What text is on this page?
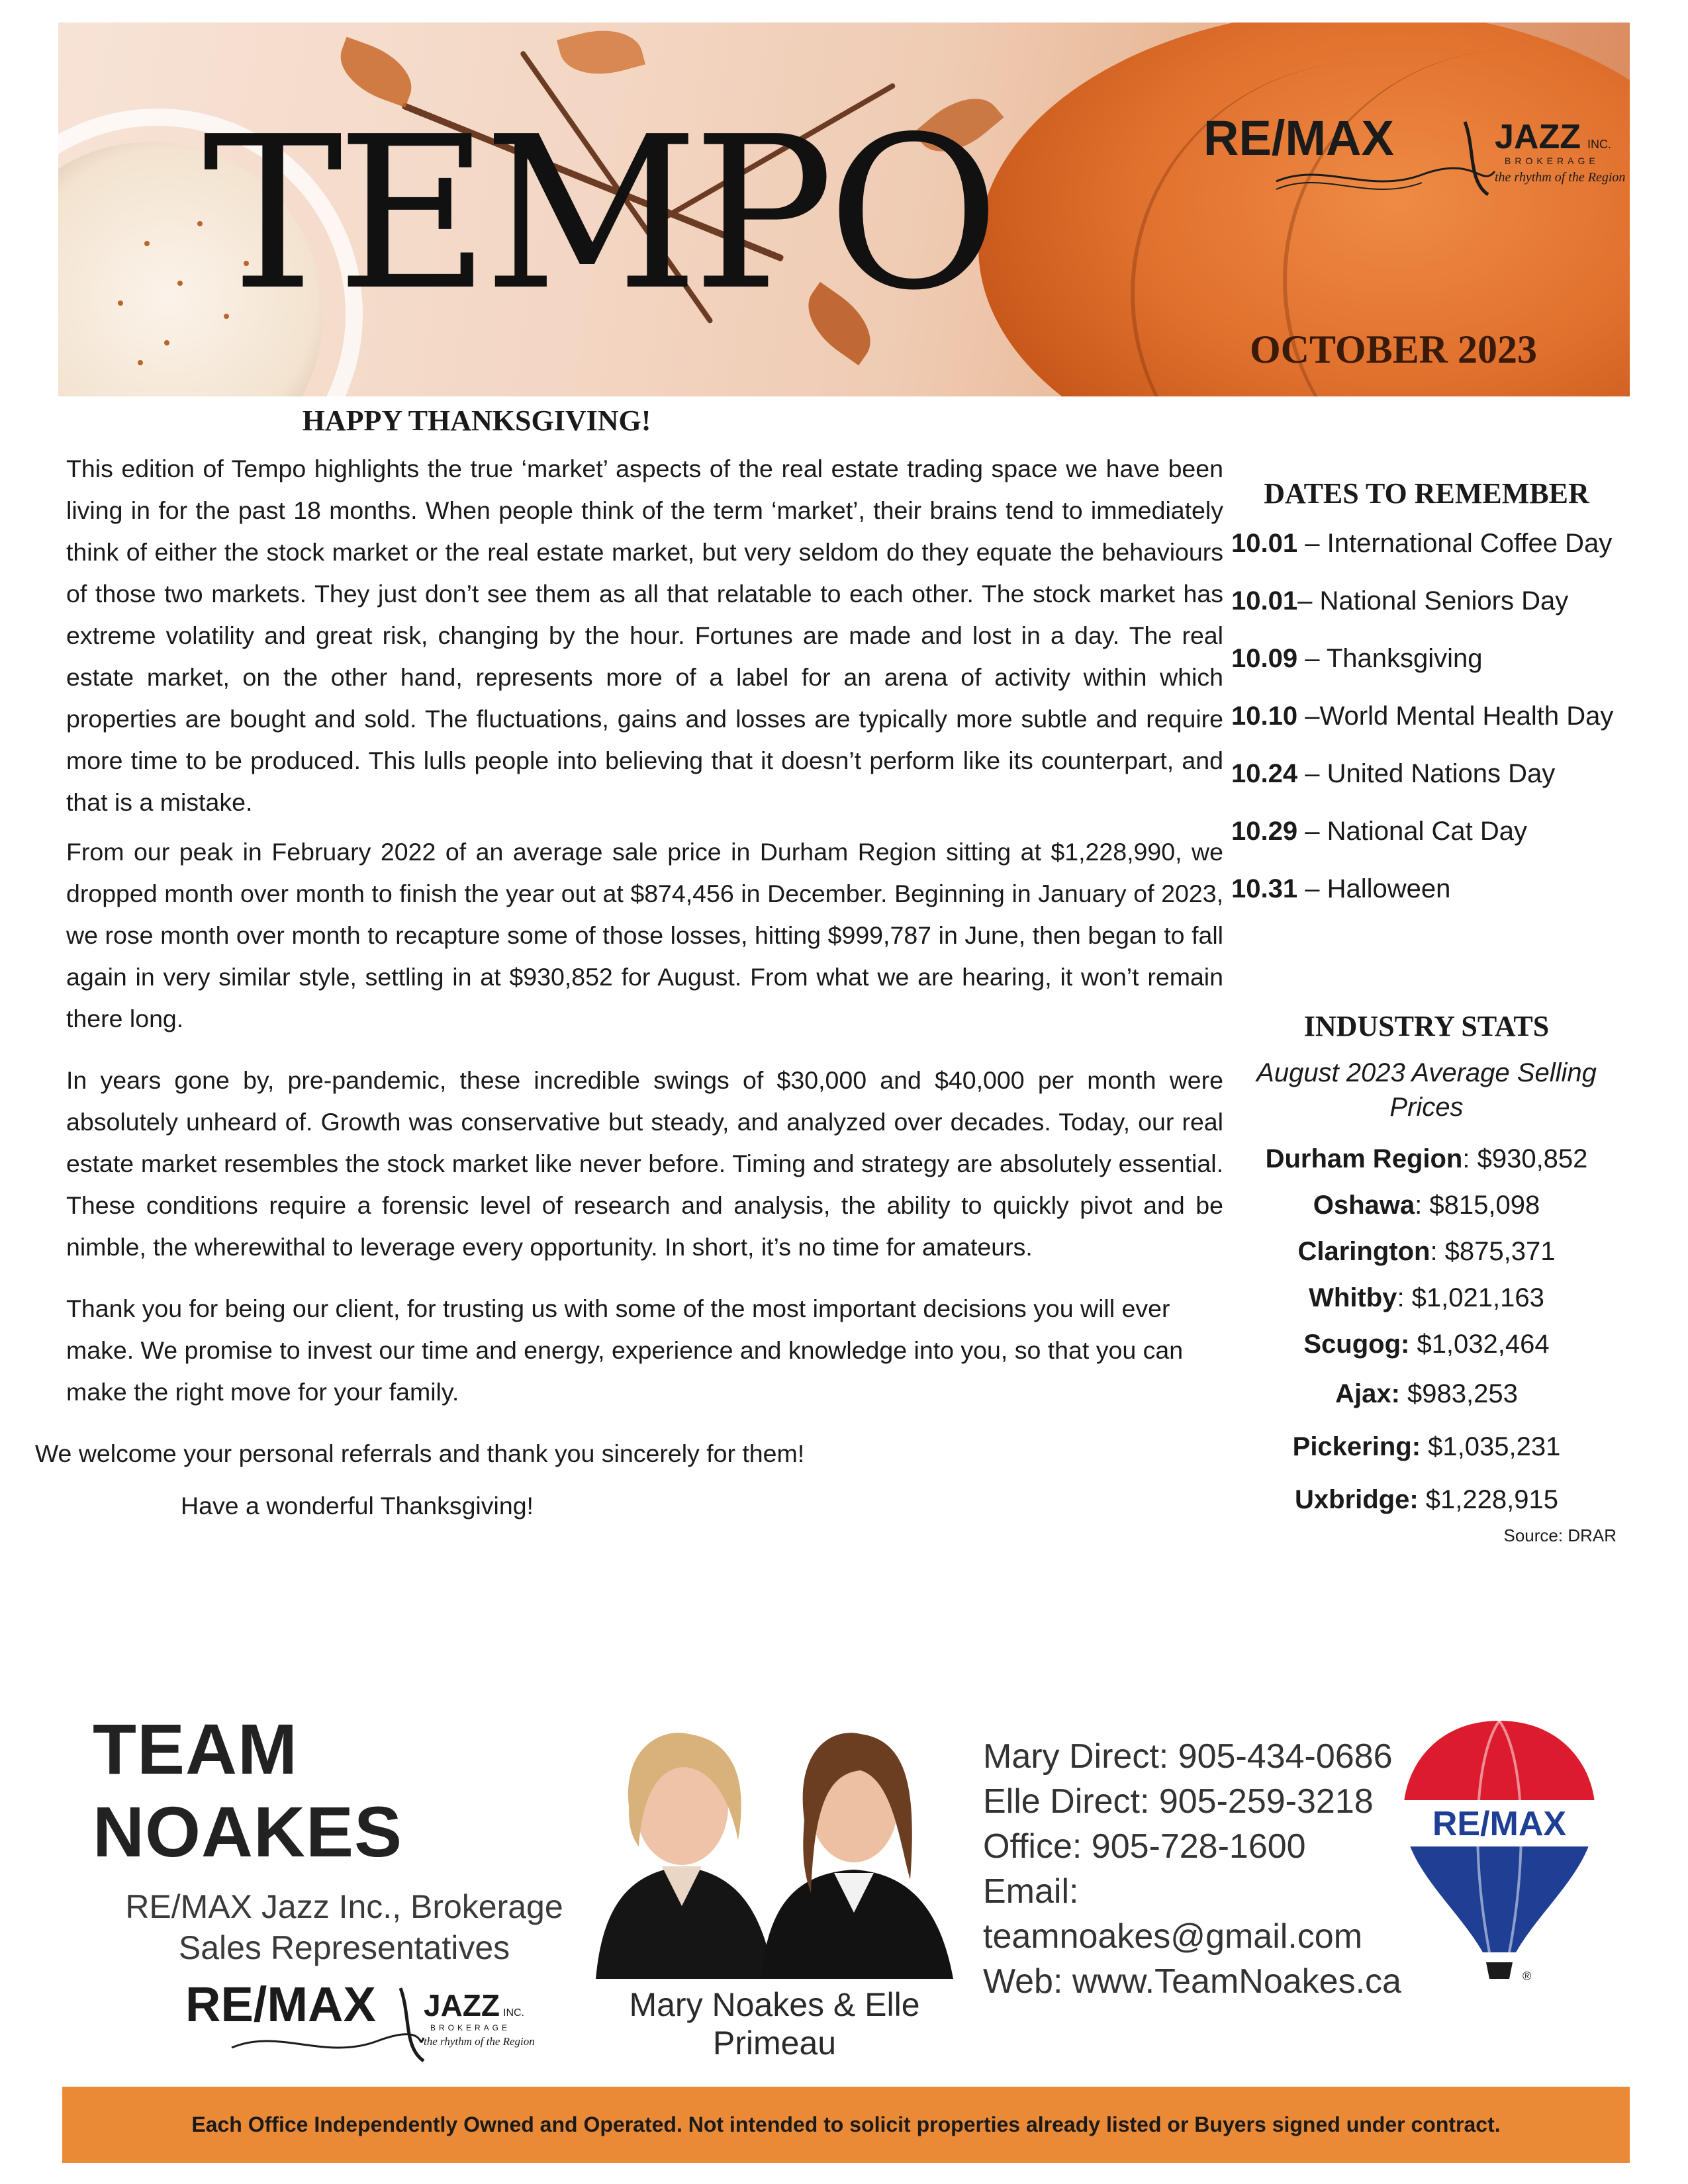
RE/MAX	JAZZ INC.
BROKERAGE
the rhythm of the Region
TEMPO
OCTOBER 2023
HAPPY THANKSGIVING!

This edition of Tempo highlights the true ‘market’ aspects of the real estate trading space we have been living in for the past 18 months. When people think of the term ‘market’, their brains tend to immediately think of either the stock market or the real estate market, but very seldom do they equate the behaviours of those two markets. They just don’t see them as all that relatable to each other. The stock market has extreme volatility and great risk, changing by the hour. Fortunes are made and lost in a day. The real estate market, on the other hand, represents more of a label for an arena of activity within which properties are bought and sold. The fluctuations, gains and losses are typically more subtle and require more time to be produced. This lulls people into believing that it doesn’t perform like its counterpart, and that is a mistake.

From our peak in February 2022 of an average sale price in Durham Region sitting at $1,228,990, we dropped month over month to finish the year out at $874,456 in December. Beginning in January of 2023, we rose month over month to recapture some of those losses, hitting $999,787 in June, then began to fall again in very similar style, settling in at $930,852 for August. From what we are hearing, it won’t remain there long.

In years gone by, pre-pandemic, these incredible swings of $30,000 and $40,000 per month were absolutely unheard of. Growth was conservative but steady, and analyzed over decades. Today, our real estate market resembles the stock market like never before. Timing and strategy are absolutely essential. These conditions require a forensic level of research and analysis, the ability to quickly pivot and be nimble, the wherewithal to leverage every opportunity. In short, it’s no time for amateurs.

Thank you for being our client, for trusting us with some of the most important decisions you will ever make. We promise to invest our time and energy, experience and knowledge into you, so that you can make the right move for your family.

We welcome your personal referrals and thank you sincerely for them!

Have a wonderful Thanksgiving!

DATES TO REMEMBER
10.01 – International Coffee Day
10.01– National Seniors Day
10.09 – Thanksgiving
10.10 –World Mental Health Day
10.24 – United Nations Day
10.29 – National Cat Day
10.31 – Halloween
INDUSTRY STATS
August 2023 Average Selling Prices
Durham Region: $930,852
Oshawa: $815,098
Clarington: $875,371
Whitby: $1,021,163
Scugog: $1,032,464
Ajax: $983,253
Pickering: $1,035,231
Uxbridge: $1,228,915
Source: DRAR
TEAM NOAKES
RE/MAX Jazz Inc., Brokerage
Sales Representatives
RE/MAX JAZZ INC.
BROKERAGE
the rhythm of the Region
Mary Noakes & Elle Primeau
Mary Direct: 905-434-0686
Elle Direct: 905-259-3218
Office: 905-728-1600
Email: teamnoakes@gmail.com
Web: www.TeamNoakes.ca
RE/MAX
®
Each Office Independently Owned and Operated. Not intended to solicit properties already listed or Buyers signed under contract.
